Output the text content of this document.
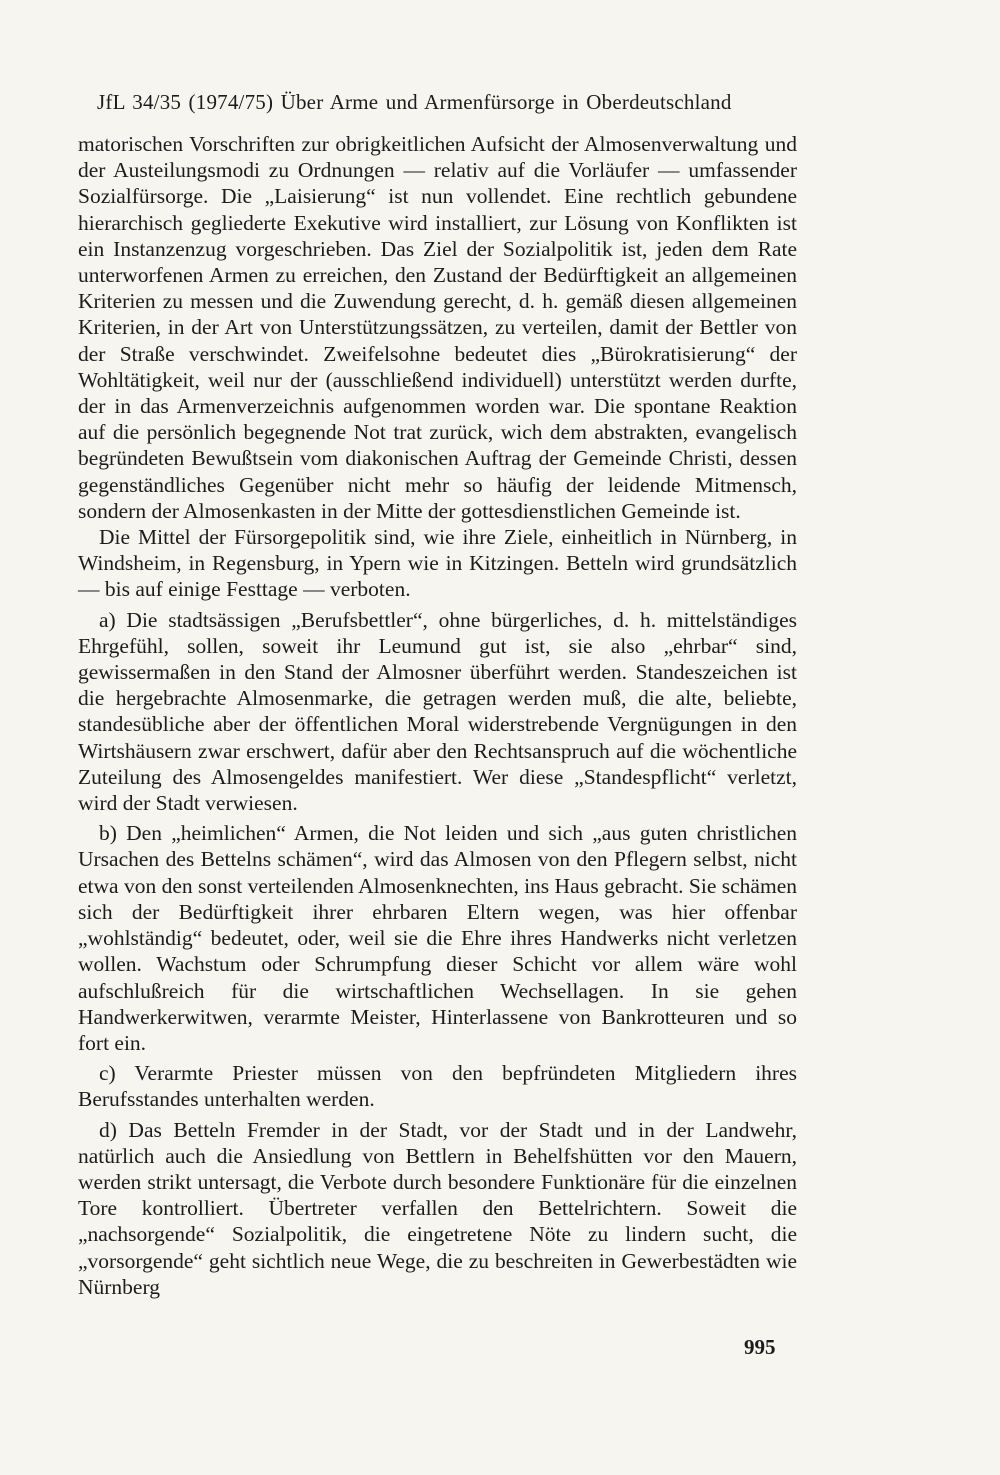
JfL 34/35 (1974/75) Über Arme und Armenfürsorge in Oberdeutschland

matorischen Vorschriften zur obrigkeitlichen Aufsicht der Almosenverwaltung und der Austeilungsmodi zu Ordnungen — relativ auf die Vorläufer — umfassender Sozialfürsorge. Die „Laisierung“ ist nun vollendet. Eine rechtlich gebundene hierarchisch gegliederte Exekutive wird installiert, zur Lösung von Konflikten ist ein Instanzenzug vorgeschrieben. Das Ziel der Sozialpolitik ist, jeden dem Rate unterworfenen Armen zu erreichen, den Zustand der Bedürftigkeit an allgemeinen Kriterien zu messen und die Zuwendung gerecht, d. h. gemäß diesen allgemeinen Kriterien, in der Art von Unterstützungssätzen, zu verteilen, damit der Bettler von der Straße verschwindet. Zweifelsohne bedeutet dies „Bürokratisierung“ der Wohltätigkeit, weil nur der (ausschließend individuell) unterstützt werden durfte, der in das Armenverzeichnis aufgenommen worden war. Die spontane Reaktion auf die persönlich begegnende Not trat zurück, wich dem abstrakten, evangelisch begründeten Bewußtsein vom diakonischen Auftrag der Gemeinde Christi, dessen gegenständliches Gegenüber nicht mehr so häufig der leidende Mitmensch, sondern der Almosenkasten in der Mitte der gottesdienstlichen Gemeinde ist.

Die Mittel der Fürsorgepolitik sind, wie ihre Ziele, einheitlich in Nürnberg, in Windsheim, in Regensburg, in Ypern wie in Kitzingen. Betteln wird grundsätzlich — bis auf einige Festtage — verboten.

a) Die stadtsässigen „Berufsbettler“, ohne bürgerliches, d. h. mittelständiges Ehrgefühl, sollen, soweit ihr Leumund gut ist, sie also „ehrbar“ sind, gewissermaßen in den Stand der Almosner überführt werden. Standeszeichen ist die hergebrachte Almosenmarke, die getragen werden muß, die alte, beliebte, standesübliche aber der öffentlichen Moral widerstrebende Vergnügungen in den Wirtshäusern zwar erschwert, dafür aber den Rechtsanspruch auf die wöchentliche Zuteilung des Almosengeldes manifestiert. Wer diese „Standespflicht“ verletzt, wird der Stadt verwiesen.

b) Den „heimlichen“ Armen, die Not leiden und sich „aus guten christlichen Ursachen des Bettelns schämen“, wird das Almosen von den Pflegern selbst, nicht etwa von den sonst verteilenden Almosenknechten, ins Haus gebracht. Sie schämen sich der Bedürftigkeit ihrer ehrbaren Eltern wegen, was hier offenbar „wohlständig“ bedeutet, oder, weil sie die Ehre ihres Handwerks nicht verletzen wollen. Wachstum oder Schrumpfung dieser Schicht vor allem wäre wohl aufschlußreich für die wirtschaftlichen Wechsellagen. In sie gehen Handwerkerwitwen, verarmte Meister, Hinterlassene von Bankrotteuren und so fort ein.

c) Verarmte Priester müssen von den bepfründeten Mitgliedern ihres Berufsstandes unterhalten werden.

d) Das Betteln Fremder in der Stadt, vor der Stadt und in der Landwehr, natürlich auch die Ansiedlung von Bettlern in Behelfshütten vor den Mauern, werden strikt untersagt, die Verbote durch besondere Funktionäre für die einzelnen Tore kontrolliert. Übertreter verfallen den Bettelrichtern. Soweit die „nachsorgende“ Sozialpolitik, die eingetretene Nöte zu lindern sucht, die „vorsorgende“ geht sichtlich neue Wege, die zu beschreiten in Gewerbestädten wie Nürnberg

995
